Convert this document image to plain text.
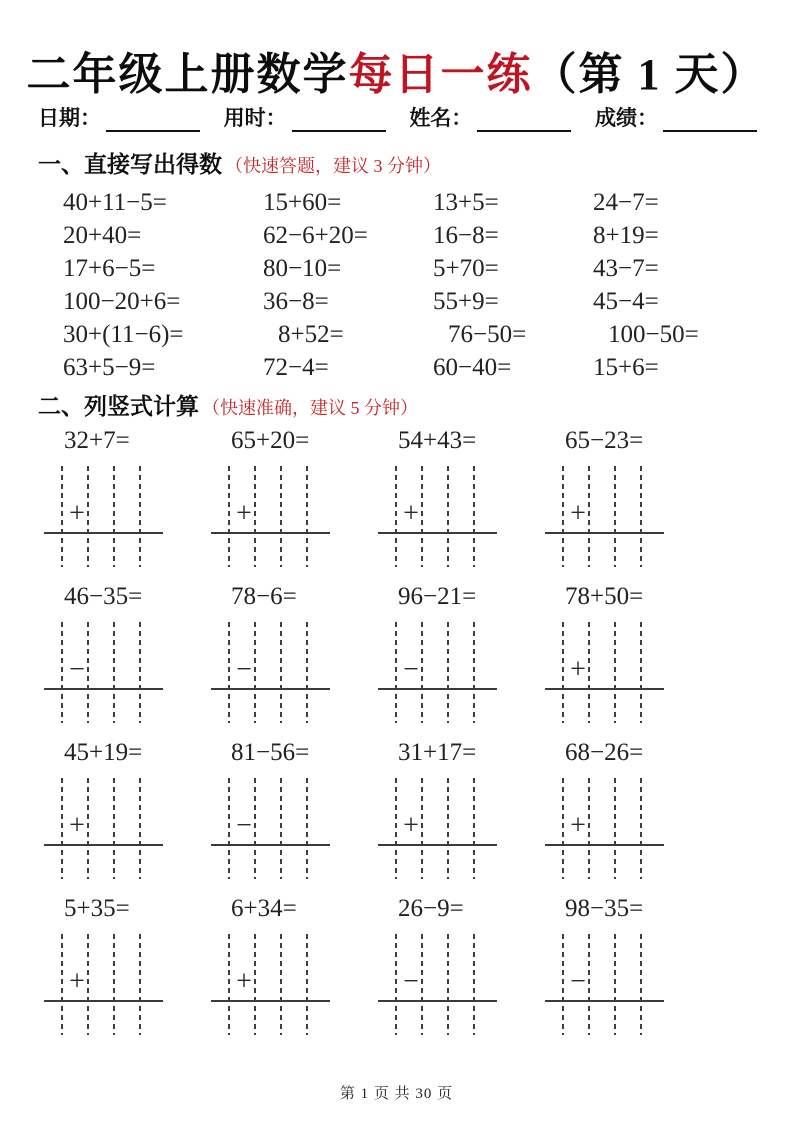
二年级上册数学每日一练（第 1 天）
日期：	用时：	姓名：	成绩：
一、直接写出得数 （快速答题，建议 3 分钟）
40+11−5=	15+60=	13+5=	24−7=
20+40=	62−6+20=	16−8=	8+19=
17+6−5=	80−10=	5+70=	43−7=
100−20+6=	36−8=	55+9=	45−4=
30+(11−6)=	8+52=	76−50=	100−50=
63+5−9=	72−4=	60−40=	15+6=
二、列竖式计算 （快速准确，建议 5 分钟）
32+7=
+
65+20=
+
54+43=
+
65−23=
+
46−35=
−
78−6=
−
96−21=
−
78+50=
+
45+19=
+
81−56=
−
31+17=
+
68−26=
+
5+35=
+
6+34=
+
26−9=
−
98−35=
−
第 1 页 共 30 页
